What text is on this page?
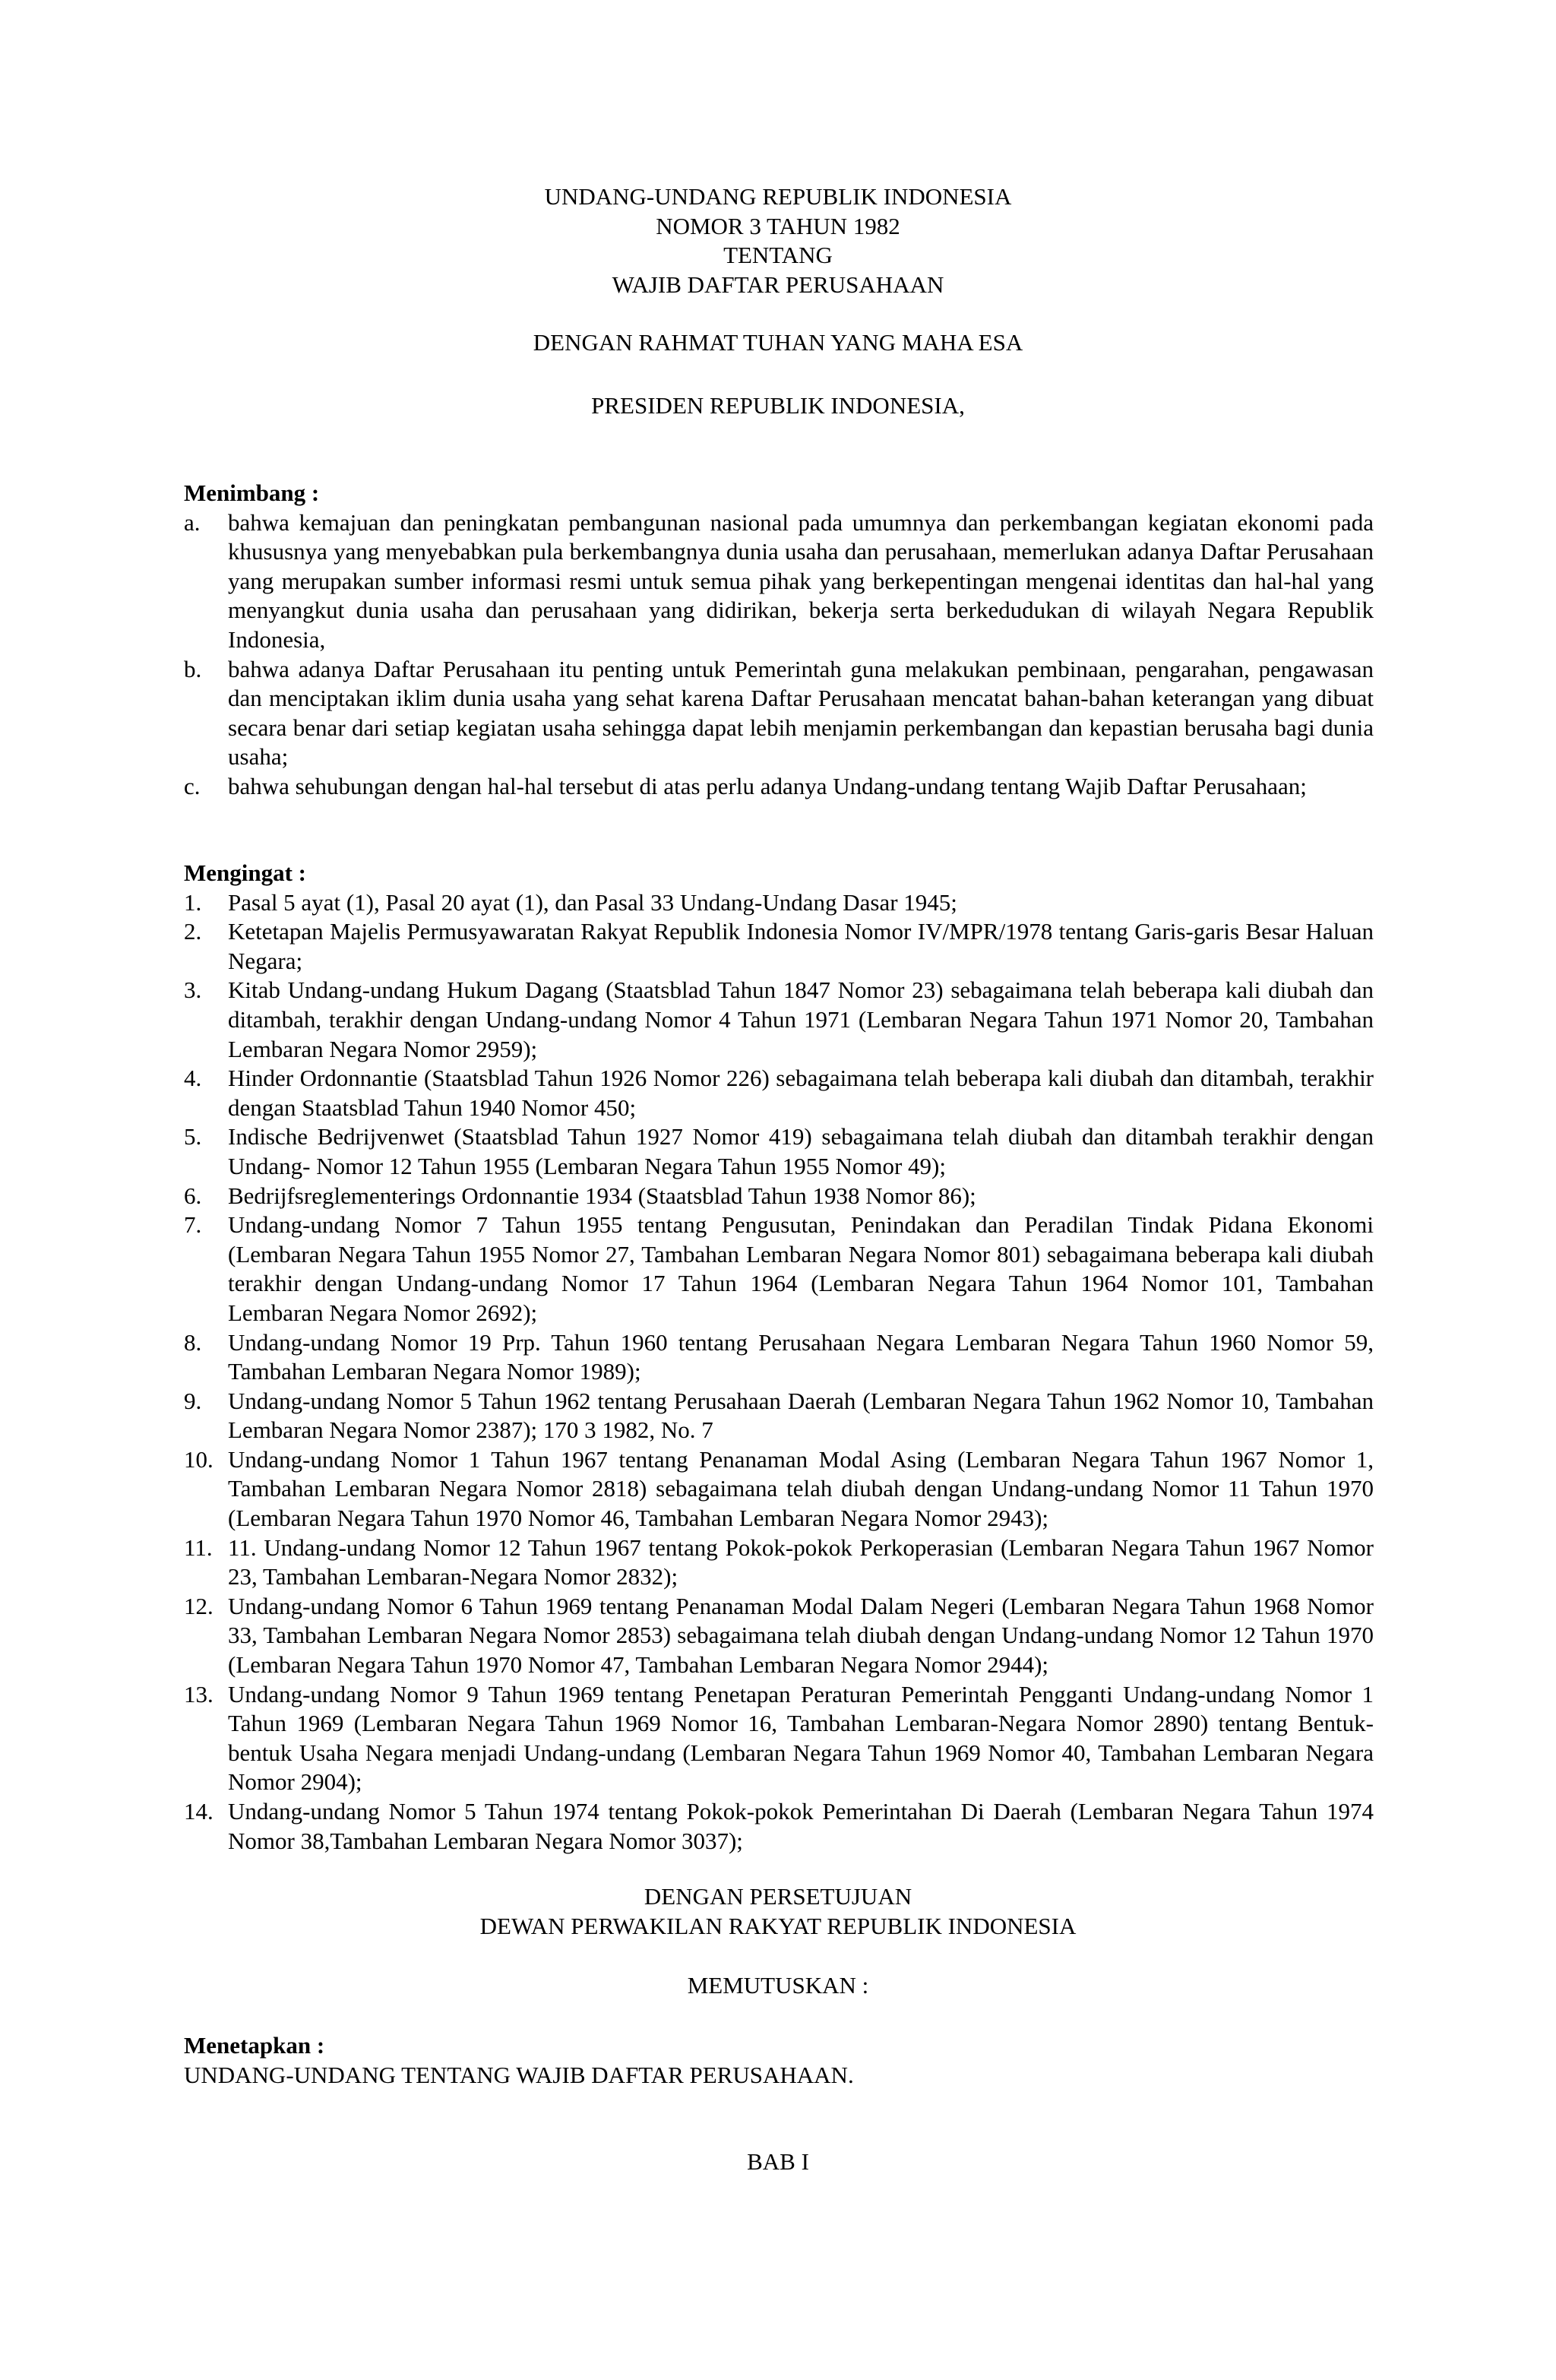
UNDANG-UNDANG REPUBLIK INDONESIA

NOMOR 3 TAHUN 1982

TENTANG

WAJIB DAFTAR PERUSAHAAN

DENGAN RAHMAT TUHAN YANG MAHA ESA

PRESIDEN REPUBLIK INDONESIA,

Menimbang :

a.	bahwa kemajuan dan peningkatan pembangunan nasional pada umumnya dan perkembangan kegiatan ekonomi pada khususnya yang menyebabkan pula berkembangnya dunia usaha dan perusahaan, memerlukan adanya Daftar Perusahaan yang merupakan sumber informasi resmi untuk semua pihak yang berkepentingan mengenai identitas dan hal-hal yang menyangkut dunia usaha dan perusahaan yang didirikan, bekerja serta berkedudukan di wilayah Negara Republik Indonesia,
b.	bahwa adanya Daftar Perusahaan itu penting untuk Pemerintah guna melakukan pembinaan, pengarahan, pengawasan dan menciptakan iklim dunia usaha yang sehat karena Daftar Perusahaan mencatat bahan-bahan keterangan yang dibuat secara benar dari setiap kegiatan usaha sehingga dapat lebih menjamin perkembangan dan kepastian berusaha bagi dunia usaha;
c.	bahwa sehubungan dengan hal-hal tersebut di atas perlu adanya Undang-undang tentang Wajib Daftar Perusahaan;

Mengingat :

1.	Pasal 5 ayat (1), Pasal 20 ayat (1), dan Pasal 33 Undang-Undang Dasar 1945;
2.	Ketetapan Majelis Permusyawaratan Rakyat Republik Indonesia Nomor IV/MPR/1978 tentang Garis-garis Besar Haluan Negara;
3.	Kitab Undang-undang Hukum Dagang (Staatsblad Tahun 1847 Nomor 23) sebagaimana telah beberapa kali diubah dan ditambah, terakhir dengan Undang-undang Nomor 4 Tahun 1971 (Lembaran Negara Tahun 1971 Nomor 20, Tambahan Lembaran Negara Nomor 2959);
4.	Hinder Ordonnantie (Staatsblad Tahun 1926 Nomor 226) sebagaimana telah beberapa kali diubah dan ditambah, terakhir dengan Staatsblad Tahun 1940 Nomor 450;
5.	Indische Bedrijvenwet (Staatsblad Tahun 1927 Nomor 419) sebagaimana telah diubah dan ditambah terakhir dengan Undang- Nomor 12 Tahun 1955 (Lembaran Negara Tahun 1955 Nomor 49);
6.	Bedrijfsreglementerings Ordonnantie 1934 (Staatsblad Tahun 1938 Nomor 86);
7.	Undang-undang Nomor 7 Tahun 1955 tentang Pengusutan, Penindakan dan Peradilan Tindak Pidana Ekonomi (Lembaran Negara Tahun 1955 Nomor 27, Tambahan Lembaran Negara Nomor 801) sebagaimana beberapa kali diubah terakhir dengan Undang-undang Nomor 17 Tahun 1964 (Lembaran Negara Tahun 1964 Nomor 101, Tambahan Lembaran Negara Nomor 2692);
8.	Undang-undang Nomor 19 Prp. Tahun 1960 tentang Perusahaan Negara Lembaran Negara Tahun 1960 Nomor 59, Tambahan Lembaran Negara Nomor 1989);
9.	Undang-undang Nomor 5 Tahun 1962 tentang Perusahaan Daerah (Lembaran Negara Tahun 1962 Nomor 10, Tambahan Lembaran Negara Nomor 2387); 170 3 1982, No. 7
10. Undang-undang Nomor 1 Tahun 1967 tentang Penanaman Modal Asing (Lembaran Negara Tahun 1967 Nomor 1, Tambahan Lembaran Negara Nomor 2818) sebagaimana telah diubah dengan Undang-undang Nomor 11 Tahun 1970 (Lembaran Negara Tahun 1970 Nomor 46, Tambahan Lembaran Negara Nomor 2943);
11. 11. Undang-undang Nomor 12 Tahun 1967 tentang Pokok-pokok Perkoperasian (Lembaran Negara Tahun 1967 Nomor 23, Tambahan Lembaran-Negara Nomor 2832);
12. Undang-undang Nomor 6 Tahun 1969 tentang Penanaman Modal Dalam Negeri (Lembaran Negara Tahun 1968 Nomor 33, Tambahan Lembaran Negara Nomor 2853) sebagaimana telah diubah dengan Undang-undang Nomor 12 Tahun 1970 (Lembaran Negara Tahun 1970 Nomor 47, Tambahan Lembaran Negara Nomor 2944);
13. Undang-undang Nomor 9 Tahun 1969 tentang Penetapan Peraturan Pemerintah Pengganti Undang-undang Nomor 1 Tahun 1969 (Lembaran Negara Tahun 1969 Nomor 16, Tambahan Lembaran-Negara Nomor 2890) tentang Bentuk-bentuk Usaha Negara menjadi Undang-undang (Lembaran Negara Tahun 1969 Nomor 40, Tambahan Lembaran Negara Nomor 2904);
14. Undang-undang Nomor 5 Tahun 1974 tentang Pokok-pokok Pemerintahan Di Daerah (Lembaran Negara Tahun 1974 Nomor 38,Tambahan Lembaran Negara Nomor 3037);

DENGAN PERSETUJUAN

DEWAN PERWAKILAN RAKYAT REPUBLIK INDONESIA

MEMUTUSKAN :

Menetapkan :

UNDANG-UNDANG TENTANG WAJIB DAFTAR PERUSAHAAN.

BAB I
